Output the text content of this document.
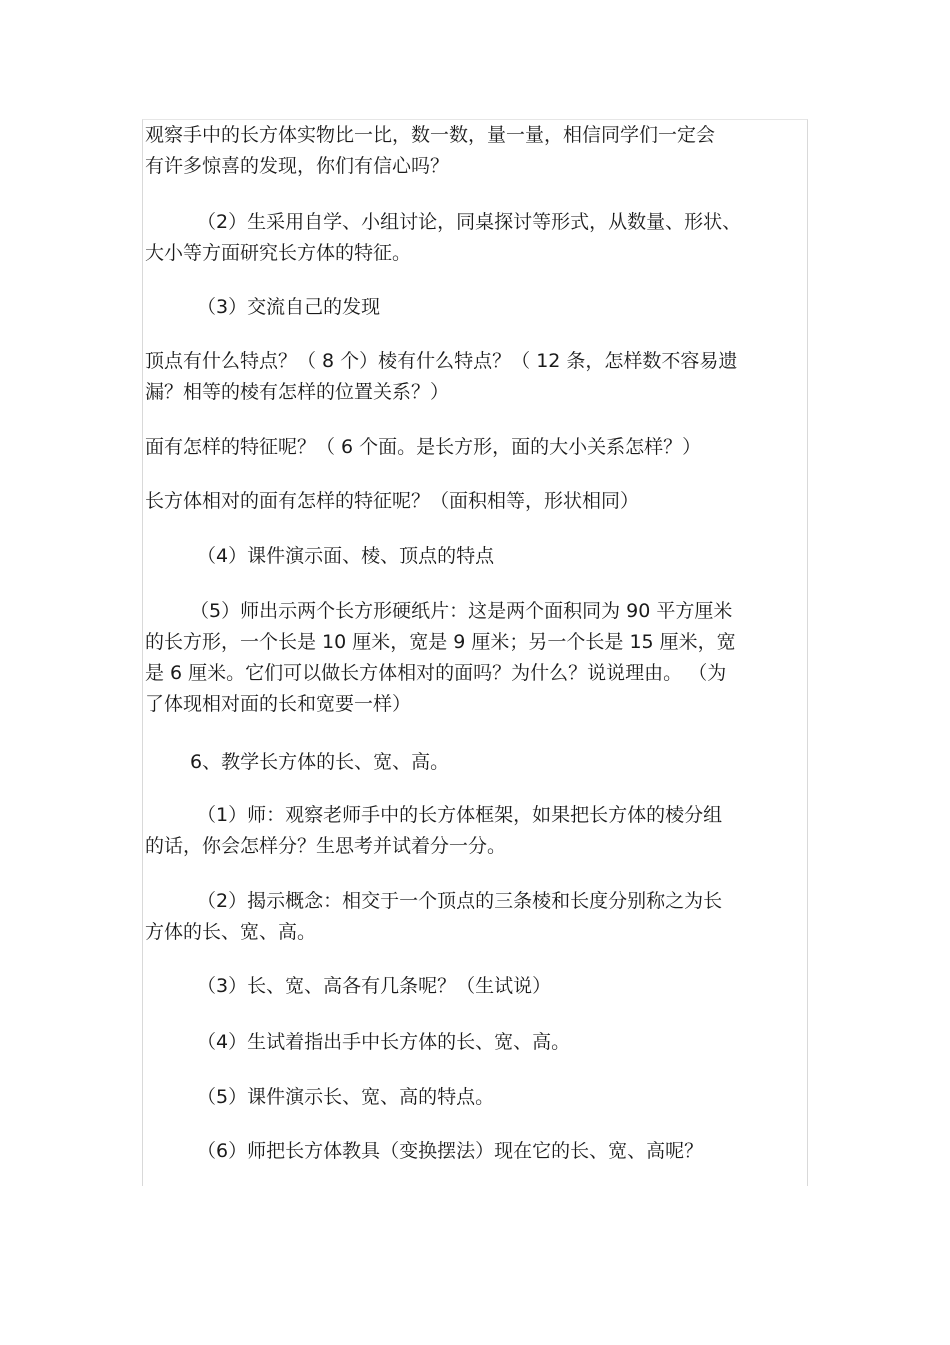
观察手中的长方体实物比一比，数一数，量一量，相信同学们一定会
有许多惊喜的发现，你们有信心吗？
（2）生采用自学、小组讨论，同桌探讨等形式，从数量、形状、
大小等方面研究长方体的特征。
（3）交流自己的发现
顶点有什么特点？（ 8 个）棱有什么特点？（ 12 条，怎样数不容易遗
漏？相等的棱有怎样的位置关系？）
面有怎样的特征呢？（ 6 个面。是长方形，面的大小关系怎样？）
长方体相对的面有怎样的特征呢？（面积相等，形状相同）
（4）课件演示面、棱、顶点的特点
（5）师出示两个长方形硬纸片：这是两个面积同为 90 平方厘米
的长方形，一个长是 10 厘米，宽是 9 厘米；另一个长是 15 厘米，宽
是 6 厘米。它们可以做长方体相对的面吗？为什么？说说理由。 （为
了体现相对面的长和宽要一样）
6、教学长方体的长、宽、高。
（1）师：观察老师手中的长方体框架，如果把长方体的棱分组
的话，你会怎样分？生思考并试着分一分。
（2）揭示概念：相交于一个顶点的三条棱和长度分别称之为长
方体的长、宽、高。
（3）长、宽、高各有几条呢？（生试说）
（4）生试着指出手中长方体的长、宽、高。
（5）课件演示长、宽、高的特点。
（6）师把长方体教具（变换摆法）现在它的长、宽、高呢？
